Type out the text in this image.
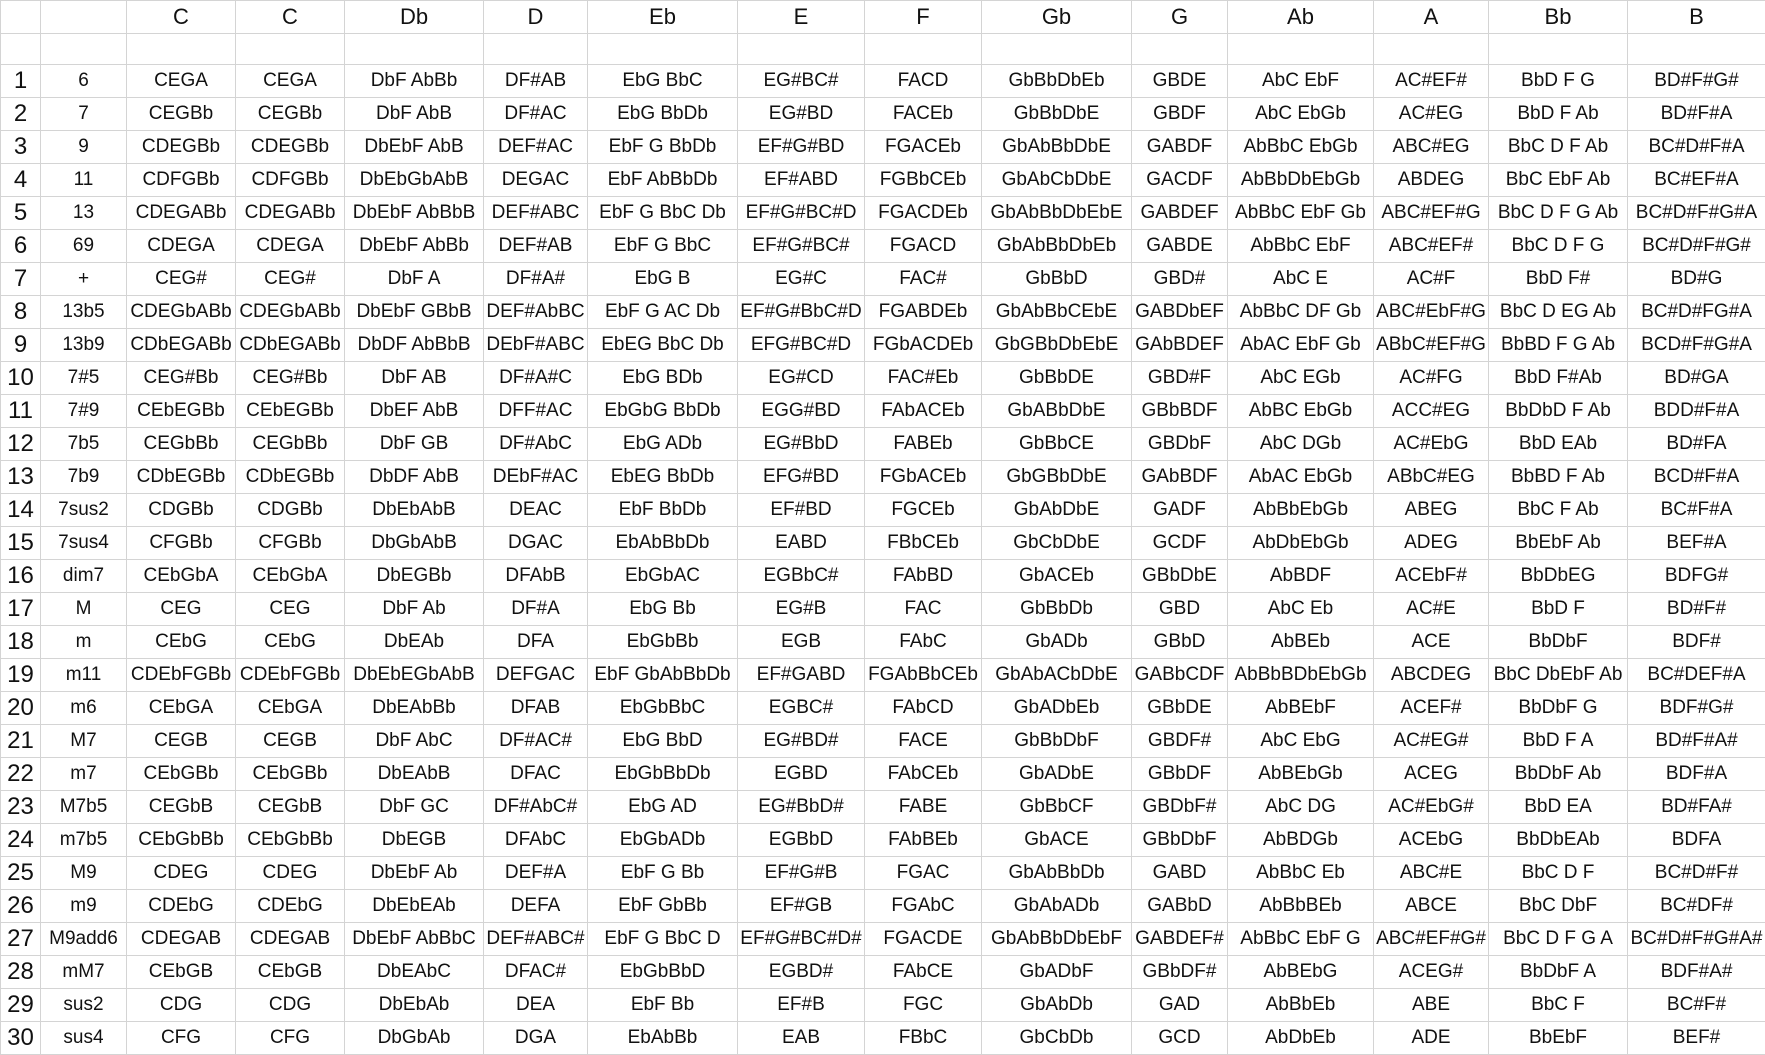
		C	C	Db	D	Eb	E	F	Gb	G	Ab	A	Bb	B

1	6	CEGA	CEGA	DbF AbBb	DF#AB	EbG BbC	EG#BC#	FACD	GbBbDbEb	GBDE	AbC EbF	AC#EF#	BbD F G	BD#F#G#
2	7	CEGBb	CEGBb	DbF AbB	DF#AC	EbG BbDb	EG#BD	FACEb	GbBbDbE	GBDF	AbC EbGb	AC#EG	BbD F Ab	BD#F#A
3	9	CDEGBb	CDEGBb	DbEbF AbB	DEF#AC	EbF G BbDb	EF#G#BD	FGACEb	GbAbBbDbE	GABDF	AbBbC EbGb	ABC#EG	BbC D F Ab	BC#D#F#A
4	11	CDFGBb	CDFGBb	DbEbGbAbB	DEGAC	EbF AbBbDb	EF#ABD	FGBbCEb	GbAbCbDbE	GACDF	AbBbDbEbGb	ABDEG	BbC EbF Ab	BC#EF#A
5	13	CDEGABb	CDEGABb	DbEbF AbBbB	DEF#ABC	EbF G BbC Db	EF#G#BC#D	FGACDEb	GbAbBbDbEbE	GABDEF	AbBbC EbF Gb	ABC#EF#G	BbC D F G Ab	BC#D#F#G#A
6	69	CDEGA	CDEGA	DbEbF AbBb	DEF#AB	EbF G BbC	EF#G#BC#	FGACD	GbAbBbDbEb	GABDE	AbBbC EbF	ABC#EF#	BbC D F G	BC#D#F#G#
7	+	CEG#	CEG#	DbF A	DF#A#	EbG B	EG#C	FAC#	GbBbD	GBD#	AbC E	AC#F	BbD F#	BD#G
8	13b5	CDEGbABb	CDEGbABb	DbEbF GBbB	DEF#AbBC	EbF G AC Db	EF#G#BbC#D	FGABDEb	GbAbBbCEbE	GABDbEF	AbBbC DF Gb	ABC#EbF#G	BbC D EG Ab	BC#D#FG#A
9	13b9	CDbEGABb	CDbEGABb	DbDF AbBbB	DEbF#ABC	EbEG BbC Db	EFG#BC#D	FGbACDEb	GbGBbDbEbE	GAbBDEF	AbAC EbF Gb	ABbC#EF#G	BbBD F G Ab	BCD#F#G#A
10	7#5	CEG#Bb	CEG#Bb	DbF AB	DF#A#C	EbG BDb	EG#CD	FAC#Eb	GbBbDE	GBD#F	AbC EGb	AC#FG	BbD F#Ab	BD#GA
11	7#9	CEbEGBb	CEbEGBb	DbEF AbB	DFF#AC	EbGbG BbDb	EGG#BD	FAbACEb	GbABbDbE	GBbBDF	AbBC EbGb	ACC#EG	BbDbD F Ab	BDD#F#A
12	7b5	CEGbBb	CEGbBb	DbF GB	DF#AbC	EbG ADb	EG#BbD	FABEb	GbBbCE	GBDbF	AbC DGb	AC#EbG	BbD EAb	BD#FA
13	7b9	CDbEGBb	CDbEGBb	DbDF AbB	DEbF#AC	EbEG BbDb	EFG#BD	FGbACEb	GbGBbDbE	GAbBDF	AbAC EbGb	ABbC#EG	BbBD F Ab	BCD#F#A
14	7sus2	CDGBb	CDGBb	DbEbAbB	DEAC	EbF BbDb	EF#BD	FGCEb	GbAbDbE	GADF	AbBbEbGb	ABEG	BbC F Ab	BC#F#A
15	7sus4	CFGBb	CFGBb	DbGbAbB	DGAC	EbAbBbDb	EABD	FBbCEb	GbCbDbE	GCDF	AbDbEbGb	ADEG	BbEbF Ab	BEF#A
16	dim7	CEbGbA	CEbGbA	DbEGBb	DFAbB	EbGbAC	EGBbC#	FAbBD	GbACEb	GBbDbE	AbBDF	ACEbF#	BbDbEG	BDFG#
17	M	CEG	CEG	DbF Ab	DF#A	EbG Bb	EG#B	FAC	GbBbDb	GBD	AbC Eb	AC#E	BbD F	BD#F#
18	m	CEbG	CEbG	DbEAb	DFA	EbGbBb	EGB	FAbC	GbADb	GBbD	AbBEb	ACE	BbDbF	BDF#
19	m11	CDEbFGBb	CDEbFGBb	DbEbEGbAbB	DEFGAC	EbF GbAbBbDb	EF#GABD	FGAbBbCEb	GbAbACbDbE	GABbCDF	AbBbBDbEbGb	ABCDEG	BbC DbEbF Ab	BC#DEF#A
20	m6	CEbGA	CEbGA	DbEAbBb	DFAB	EbGbBbC	EGBC#	FAbCD	GbADbEb	GBbDE	AbBEbF	ACEF#	BbDbF G	BDF#G#
21	M7	CEGB	CEGB	DbF AbC	DF#AC#	EbG BbD	EG#BD#	FACE	GbBbDbF	GBDF#	AbC EbG	AC#EG#	BbD F A	BD#F#A#
22	m7	CEbGBb	CEbGBb	DbEAbB	DFAC	EbGbBbDb	EGBD	FAbCEb	GbADbE	GBbDF	AbBEbGb	ACEG	BbDbF Ab	BDF#A
23	M7b5	CEGbB	CEGbB	DbF GC	DF#AbC#	EbG AD	EG#BbD#	FABE	GbBbCF	GBDbF#	AbC DG	AC#EbG#	BbD EA	BD#FA#
24	m7b5	CEbGbBb	CEbGbBb	DbEGB	DFAbC	EbGbADb	EGBbD	FAbBEb	GbACE	GBbDbF	AbBDGb	ACEbG	BbDbEAb	BDFA
25	M9	CDEG	CDEG	DbEbF Ab	DEF#A	EbF G Bb	EF#G#B	FGAC	GbAbBbDb	GABD	AbBbC Eb	ABC#E	BbC D F	BC#D#F#
26	m9	CDEbG	CDEbG	DbEbEAb	DEFA	EbF GbBb	EF#GB	FGAbC	GbAbADb	GABbD	AbBbBEb	ABCE	BbC DbF	BC#DF#
27	M9add6	CDEGAB	CDEGAB	DbEbF AbBbC	DEF#ABC#	EbF G BbC D	EF#G#BC#D#	FGACDE	GbAbBbDbEbF	GABDEF#	AbBbC EbF G	ABC#EF#G#	BbC D F G A	BC#D#F#G#A#
28	mM7	CEbGB	CEbGB	DbEAbC	DFAC#	EbGbBbD	EGBD#	FAbCE	GbADbF	GBbDF#	AbBEbG	ACEG#	BbDbF A	BDF#A#
29	sus2	CDG	CDG	DbEbAb	DEA	EbF Bb	EF#B	FGC	GbAbDb	GAD	AbBbEb	ABE	BbC F	BC#F#
30	sus4	CFG	CFG	DbGbAb	DGA	EbAbBb	EAB	FBbC	GbCbDb	GCD	AbDbEb	ADE	BbEbF	BEF#
